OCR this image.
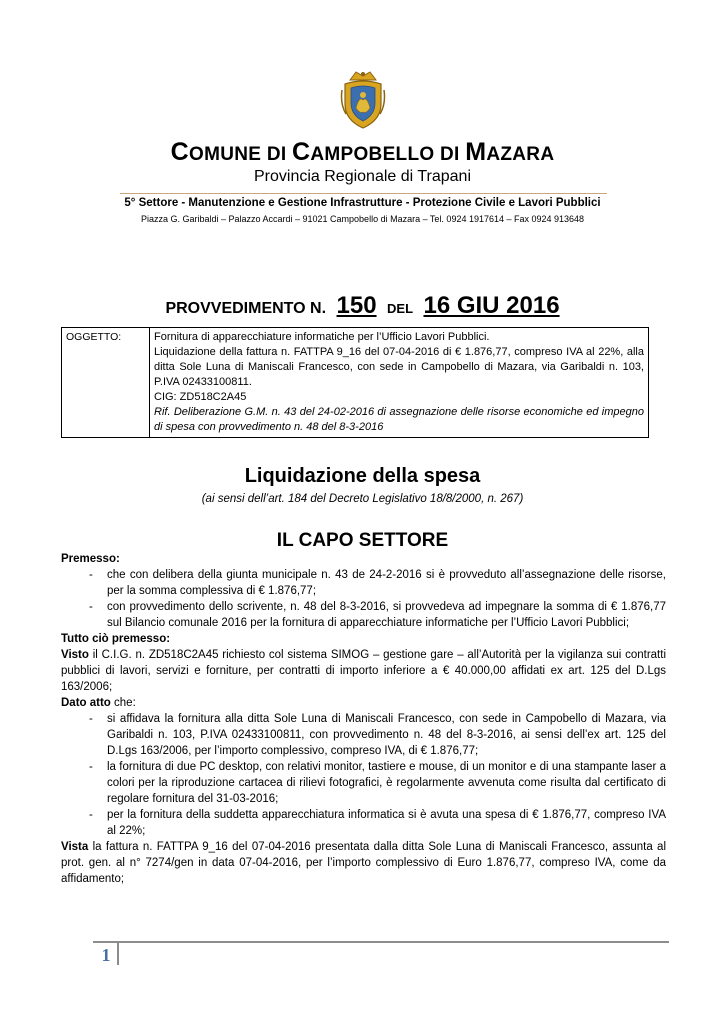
COMUNE DI CAMPOBELLO DI MAZARA
Provincia Regionale di Trapani
5° Settore - Manutenzione e Gestione Infrastrutture - Protezione Civile e Lavori Pubblici
Piazza G. Garibaldi – Palazzo Accardi – 91021 Campobello di Mazara – Tel. 0924 1917614 – Fax 0924 913648
PROVVEDIMENTO N. 150 DEL 16 GIU 2016
OGGETTO:	Fornitura di apparecchiature informatiche per l’Ufficio Lavori Pubblici.
Liquidazione della fattura n. FATTPA 9_16 del 07-04-2016 di € 1.876,77, compreso IVA al 22%, alla ditta Sole Luna di Maniscali Francesco, con sede in Campobello di Mazara, via Garibaldi n. 103, P.IVA 02433100811.
CIG: ZD518C2A45
Rif. Deliberazione G.M. n. 43 del 24-02-2016 di assegnazione delle risorse economiche ed impegno di spesa con provvedimento n. 48 del 8-3-2016
Liquidazione della spesa
(ai sensi dell’art. 184 del Decreto Legislativo 18/8/2000, n. 267)
IL CAPO SETTORE

Premesso:

- che con delibera della giunta municipale n. 43 de 24-2-2016 si è provveduto all’assegnazione delle risorse, per la somma complessiva di € 1.876,77;

- con provvedimento dello scrivente, n. 48 del 8-3-2016, si provvedeva ad impegnare la somma di € 1.876,77 sul Bilancio comunale 2016 per la fornitura di apparecchiature informatiche per l’Ufficio Lavori Pubblici;

Tutto ciò premesso:

Visto il C.I.G. n. ZD518C2A45 richiesto col sistema SIMOG – gestione gare – all’Autorità per la vigilanza sui contratti pubblici di lavori, servizi e forniture, per contratti di importo inferiore a € 40.000,00 affidati ex art. 125 del D.Lgs 163/2006;

Dato atto che:

- si affidava la fornitura alla ditta Sole Luna di Maniscali Francesco, con sede in Campobello di Mazara, via Garibaldi n. 103, P.IVA 02433100811, con provvedimento n. 48 del 8-3-2016, ai sensi dell’ex art. 125 del D.Lgs 163/2006, per l’importo complessivo, compreso IVA, di € 1.876,77;

- la fornitura di due PC desktop, con relativi monitor, tastiere e mouse, di un monitor e di una stampante laser a colori per la riproduzione cartacea di rilievi fotografici, è regolarmente avvenuta come risulta dal certificato di regolare fornitura del 31-03-2016;

- per la fornitura della suddetta apparecchiatura informatica si è avuta una spesa di € 1.876,77, compreso IVA al 22%;

Vista la fattura n. FATTPA 9_16 del 07-04-2016 presentata dalla ditta Sole Luna di Maniscali Francesco, assunta al prot. gen. al n° 7274/gen in data 07-04-2016, per l’importo complessivo di Euro 1.876,77, compreso IVA, come da affidamento;

1
